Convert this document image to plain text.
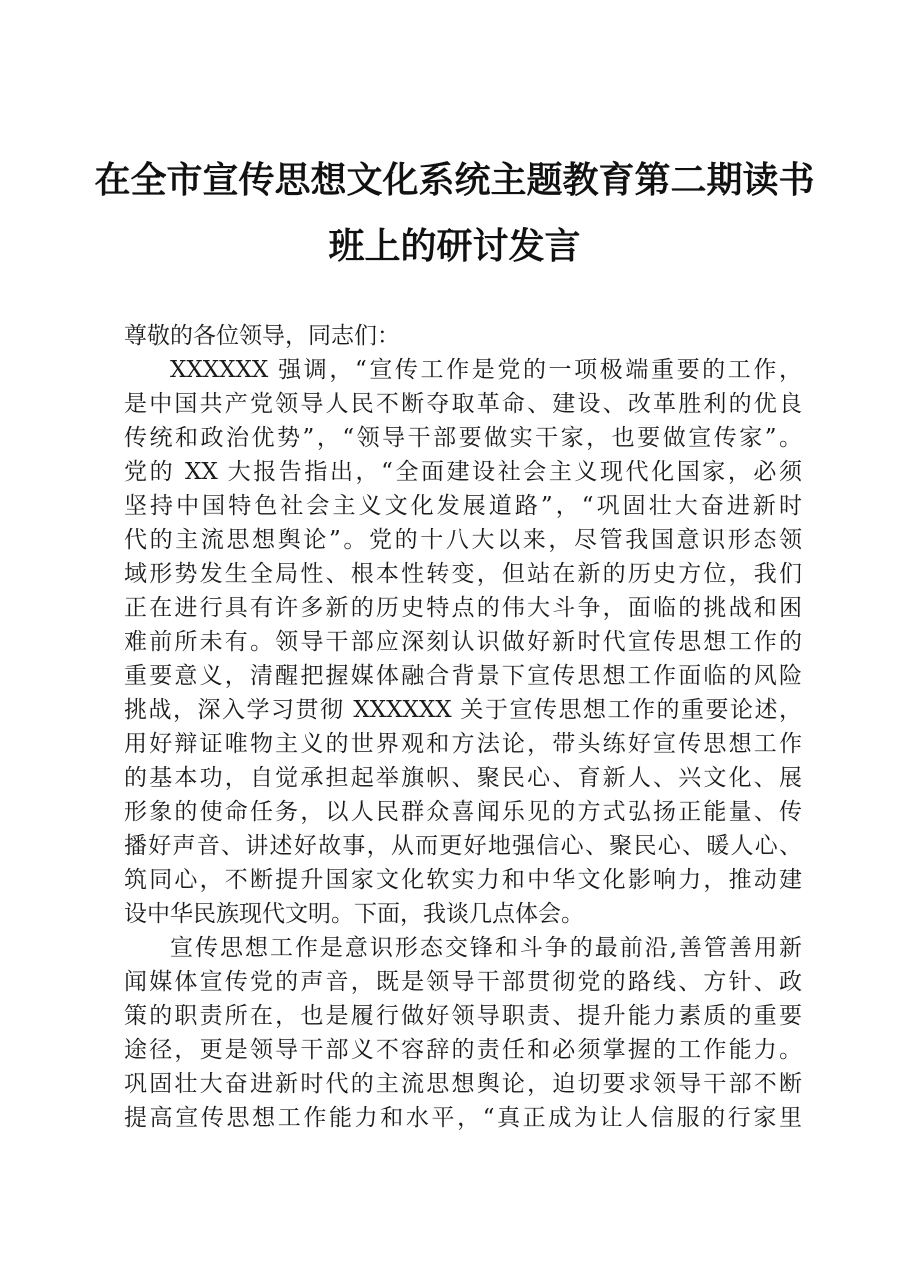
在全市宣传思想文化系统主题教育第二期读书
班上的研讨发言
尊敬的各位领导，同志们：
XXXXXX 强调，“宣传工作是党的一项极端重要的工作，
是中国共产党领导人民不断夺取革命、建设、改革胜利的优良
传统和政治优势”，“领导干部要做实干家，也要做宣传家”。
党的 XX 大报告指出，“全面建设社会主义现代化国家，必须
坚持中国特色社会主义文化发展道路”，“巩固壮大奋进新时
代的主流思想舆论”。党的十八大以来，尽管我国意识形态领
域形势发生全局性、根本性转变，但站在新的历史方位，我们
正在进行具有许多新的历史特点的伟大斗争，面临的挑战和困
难前所未有。领导干部应深刻认识做好新时代宣传思想工作的
重要意义，清醒把握媒体融合背景下宣传思想工作面临的风险
挑战，深入学习贯彻 XXXXXX 关于宣传思想工作的重要论述，
用好辩证唯物主义的世界观和方法论，带头练好宣传思想工作
的基本功，自觉承担起举旗帜、聚民心、育新人、兴文化、展
形象的使命任务，以人民群众喜闻乐见的方式弘扬正能量、传
播好声音、讲述好故事，从而更好地强信心、聚民心、暖人心、
筑同心，不断提升国家文化软实力和中华文化影响力，推动建
设中华民族现代文明。下面，我谈几点体会。
宣传思想工作是意识形态交锋和斗争的最前沿,善管善用新
闻媒体宣传党的声音，既是领导干部贯彻党的路线、方针、政
策的职责所在，也是履行做好领导职责、提升能力素质的重要
途径，更是领导干部义不容辞的责任和必须掌握的工作能力。
巩固壮大奋进新时代的主流思想舆论，迫切要求领导干部不断
提高宣传思想工作能力和水平，“真正成为让人信服的行家里
